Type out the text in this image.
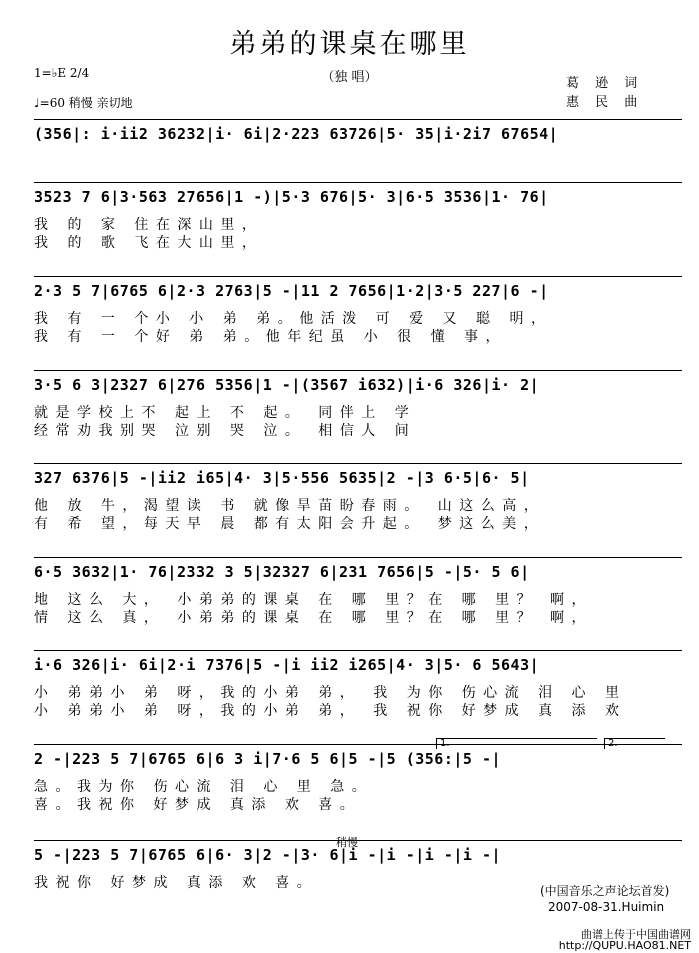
弟弟的课桌在哪里
（独 唱）
1=♭E 2/4
♩=60 稍慢 亲切地
葛 逊 词
惠 民 曲
(356|: i·ii2 36232|i· 6i|2·223 63726|5· 35|i·2i7 67654|
3523 7 6|3·563 27656|1 -)|5·3 676|5· 3|6·5 3536|1· 76|
我 的 家 住在深山里，
我 的 歌 飞在大山里，
2·3 5 7|6765 6|2·3 2763|5 -|11 2 7656|1·2|3·5 227|6 -|
我 有 一 个小 小 弟 弟。他活泼 可 爱 又 聪 明，
我 有 一 个好 弟 弟。他年纪虽 小 很 懂 事，
3·5 6 3|2327 6|276 5356|1 -|(3567 i632)|i·6 326|i· 2|
就是学校上不 起上 不 起。 同伴上 学
经常劝我别哭 泣别 哭 泣。 相信人 间
327 6376|5 -|ii2 i65|4· 3|5·556 5635|2 -|3 6·5|6· 5|
他 放 牛，渴望读 书 就像旱苗盼春雨。 山这么高，
有 希 望，每天早 晨 都有太阳会升起。 梦这么美，
6·5 3632|1· 76|2332 3 5|32327 6|231 7656|5 -|5· 5 6|
地 这么 大， 小弟弟的课桌 在 哪 里？在 哪 里？ 啊，
情 这么 真， 小弟弟的课桌 在 哪 里？在 哪 里？ 啊，
i·6 326|i· 6i|2·i 7376|5 -|i ii2 i265|4· 3|5· 6 5643|
小 弟弟小 弟 呀，我的小弟 弟， 我 为你 伤心流 泪 心 里
小 弟弟小 弟 呀，我的小弟 弟， 我 祝你 好梦成 真 添 欢
2 -|223 5 7|6765 6|6 3 i|7·6 5 6|5 -|5 (356:|5 -|
急。我为你 伤心流 泪 心 里 急。
喜。我祝你 好梦成 真添 欢 喜。
5 -|223 5 7|6765 6|6· 3|2 -|3· 6|i -|i -|i -|i -|
我祝你 好梦成 真添 欢 喜。
1.	2.
稍慢
(中国音乐之声论坛首发)
2007-08-31.Huimin
曲谱上传于中国曲谱网
http://QUPU.HAO81.NET
